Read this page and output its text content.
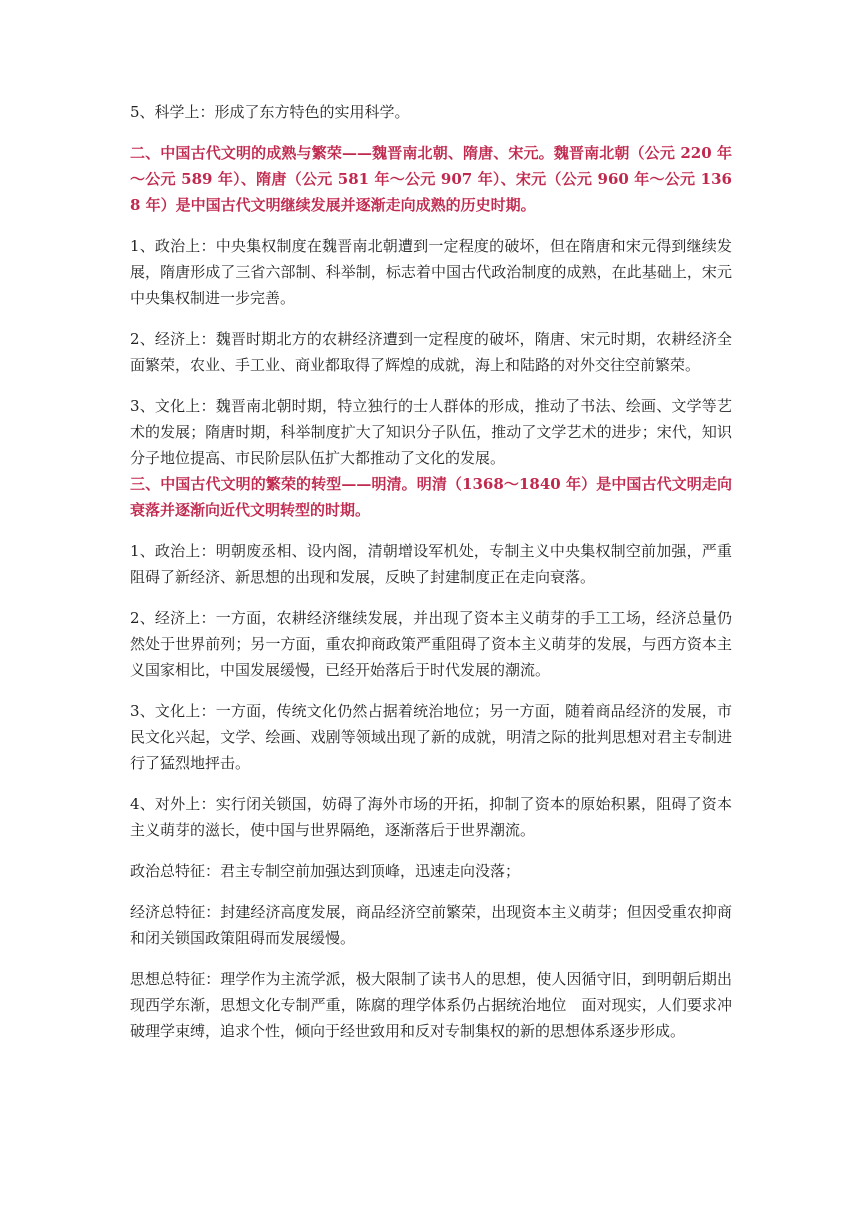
5、科学上：形成了东方特色的实用科学。

二、中国古代文明的成熟与繁荣——魏晋南北朝、隋唐、宋元。魏晋南北朝（公元 220 年～公元 589 年）、隋唐（公元 581 年～公元 907 年）、宋元（公元 960 年～公元 1368 年）是中国古代文明继续发展并逐渐走向成熟的历史时期。

1、政治上：中央集权制度在魏晋南北朝遭到一定程度的破坏，但在隋唐和宋元得到继续发展，隋唐形成了三省六部制、科举制，标志着中国古代政治制度的成熟，在此基础上，宋元中央集权制进一步完善。

2、经济上：魏晋时期北方的农耕经济遭到一定程度的破坏，隋唐、宋元时期，农耕经济全面繁荣，农业、手工业、商业都取得了辉煌的成就，海上和陆路的对外交往空前繁荣。

3、文化上：魏晋南北朝时期，特立独行的士人群体的形成，推动了书法、绘画、文学等艺术的发展；隋唐时期，科举制度扩大了知识分子队伍，推动了文学艺术的进步；宋代，知识分子地位提高、市民阶层队伍扩大都推动了文化的发展。

三、中国古代文明的繁荣的转型——明清。明清（1368～1840 年）是中国古代文明走向衰落并逐渐向近代文明转型的时期。

1、政治上：明朝废丞相、设内阁，清朝增设军机处，专制主义中央集权制空前加强，严重阻碍了新经济、新思想的出现和发展，反映了封建制度正在走向衰落。

2、经济上：一方面，农耕经济继续发展，并出现了资本主义萌芽的手工工场，经济总量仍然处于世界前列；另一方面，重农抑商政策严重阻碍了资本主义萌芽的发展，与西方资本主义国家相比，中国发展缓慢，已经开始落后于时代发展的潮流。

3、文化上：一方面，传统文化仍然占据着统治地位；另一方面，随着商品经济的发展，市民文化兴起，文学、绘画、戏剧等领域出现了新的成就，明清之际的批判思想对君主专制进行了猛烈地抨击。

4、对外上：实行闭关锁国，妨碍了海外市场的开拓，抑制了资本的原始积累，阻碍了资本主义萌芽的滋长，使中国与世界隔绝，逐渐落后于世界潮流。

政治总特征：君主专制空前加强达到顶峰，迅速走向没落；

经济总特征：封建经济高度发展，商品经济空前繁荣，出现资本主义萌芽；但因受重农抑商和闭关锁国政策阻碍而发展缓慢。

思想总特征：理学作为主流学派，极大限制了读书人的思想，使人因循守旧，到明朝后期出现西学东渐，思想文化专制严重，陈腐的理学体系仍占据统治地位　面对现实，人们要求冲破理学束缚，追求个性，倾向于经世致用和反对专制集权的新的思想体系逐步形成。
